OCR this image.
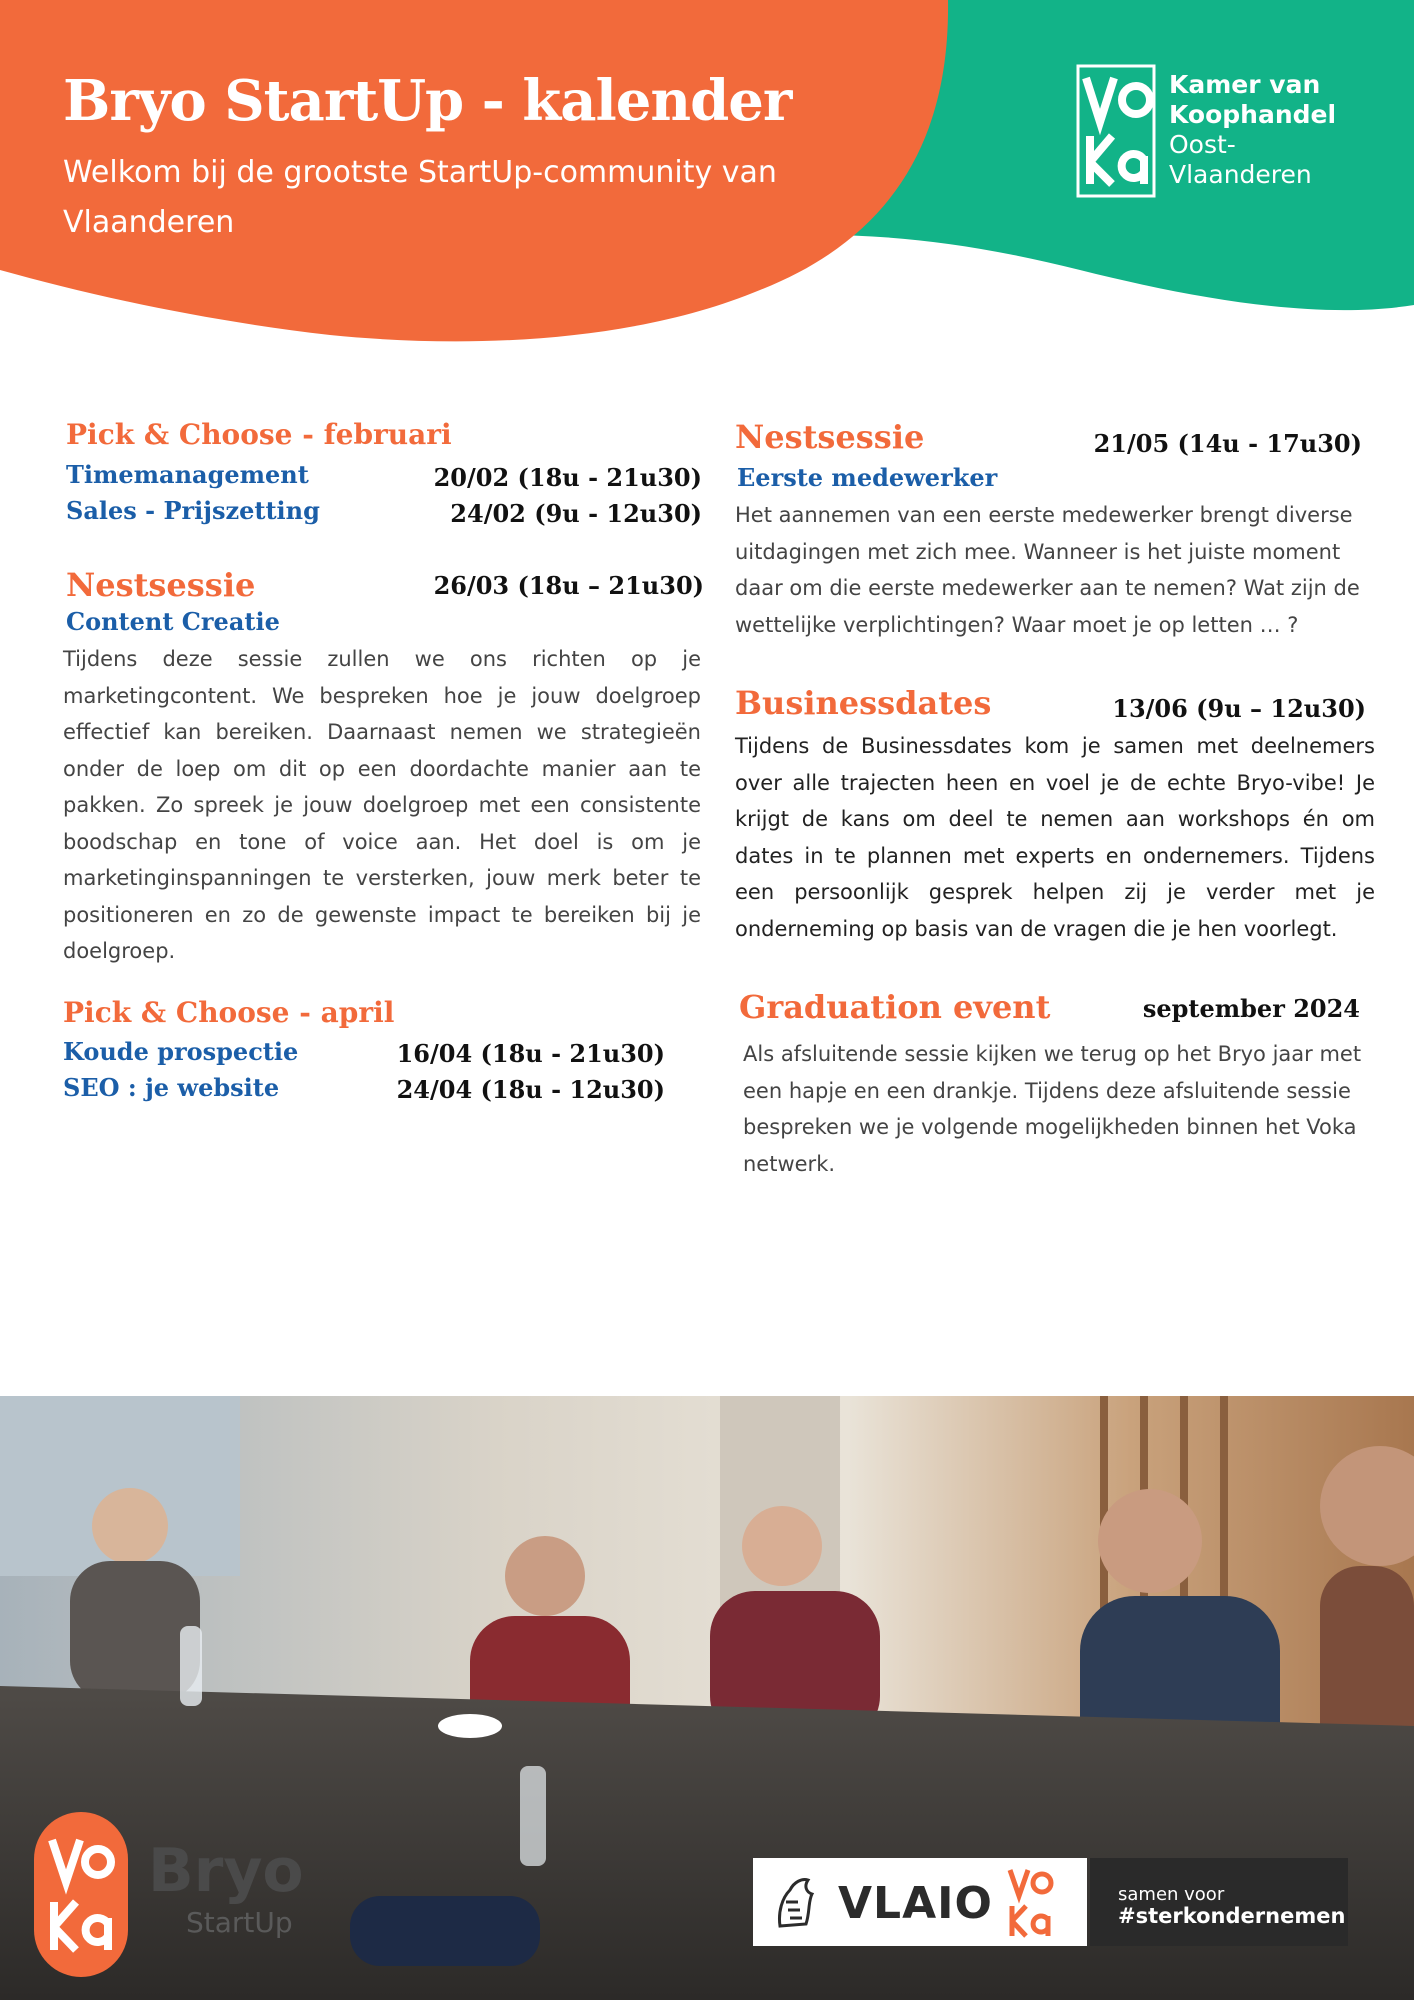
Bryo StartUp - kalender
Welkom bij de grootste StartUp-community van Vlaanderen
Kamer van
Koophandel
Oost-
Vlaanderen
Pick & Choose - februari
Timemanagement	20/02 (18u - 21u30)
Sales - Prijszetting	24/02 (9u - 12u30)
Nestsessie	26/03 (18u – 21u30)
Content Creatie
Tijdens deze sessie zullen we ons richten op je marketingcontent. We bespreken hoe je jouw doelgroep effectief kan bereiken. Daarnaast nemen we strategieën onder de loep om dit op een doordachte manier aan te pakken. Zo spreek je jouw doelgroep met een consistente boodschap en tone of voice aan. Het doel is om je marketinginspanningen te versterken, jouw merk beter te positioneren en zo de gewenste impact te bereiken bij je doelgroep.
Pick & Choose - april
Koude prospectie	16/04 (18u - 21u30)
SEO : je website	24/04 (18u - 12u30)
Nestsessie	21/05 (14u - 17u30)
Eerste medewerker
Het aannemen van een eerste medewerker brengt diverse uitdagingen met zich mee. Wanneer is het juiste moment daar om die eerste medewerker aan te nemen? Wat zijn de wettelijke verplichtingen? Waar moet je op letten … ?
Businessdates	13/06 (9u – 12u30)
Tijdens de Businessdates kom je samen met deelnemers over alle trajecten heen en voel je de echte Bryo-vibe! Je krijgt de kans om deel te nemen aan workshops én om dates in te plannen met experts en ondernemers. Tijdens een persoonlijk gesprek helpen zij je verder met je onderneming op basis van de vragen die je hen voorlegt.
Graduation event	september 2024
Als afsluitende sessie kijken we terug op het Bryo jaar met een hapje en een drankje. Tijdens deze afsluitende sessie bespreken we je volgende mogelijkheden binnen het Voka netwerk.
Bryo
StartUp	VLAIO	samen voor
#sterkondernemen
